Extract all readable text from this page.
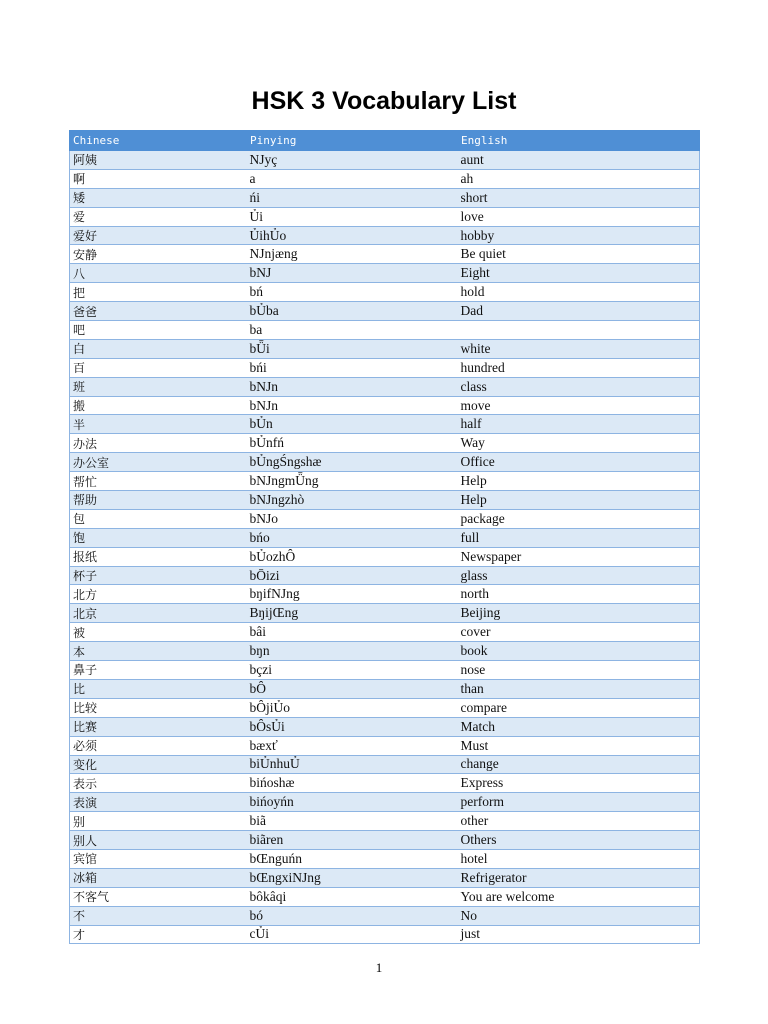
HSK 3 Vocabulary List
Chinese	Pinying	English
阿姨	Ǌyç	aunt
啊	a	ah
矮	ńi	short
爱	Ủi	love
爱好	ỦihỦo	hobby
安静	Ǌnjæng	Be quiet
八	bǊ	Eight
把	bń	hold
爸爸	bỦba	Dad
吧	ba	
白	bǕi	white
百	bńi	hundred
班	bǊn	class
搬	bǊn	move
半	bỦn	half
办法	bỦnfń	Way
办公室	bỦngŚngshæ	Office
帮忙	bǊngmǕng	Help
帮助	bǊngzhò	Help
包	bǊo	package
饱	bńo	full
报纸	bỦozhȎ	Newspaper
杯子	bŌizi	glass
北方	bŋifǊng	north
北京	BŋijŒng	Beijing
被	bâi	cover
本	bŋn	book
鼻子	bçzi	nose
比	bȎ	than
比较	bȎjiỦo	compare
比赛	bȎsỦi	Match
必须	bæxť	Must
变化	biỦnhuỦ	change
表示	bińoshæ	Express
表演	bińoyńn	perform
别	biã	other
别人	biãren	Others
宾馆	bŒnguńn	hotel
冰箱	bŒngxiǊng	Refrigerator
不客气	bôkâqi	You are welcome
不	bó	No
才	cỦi	just
1
